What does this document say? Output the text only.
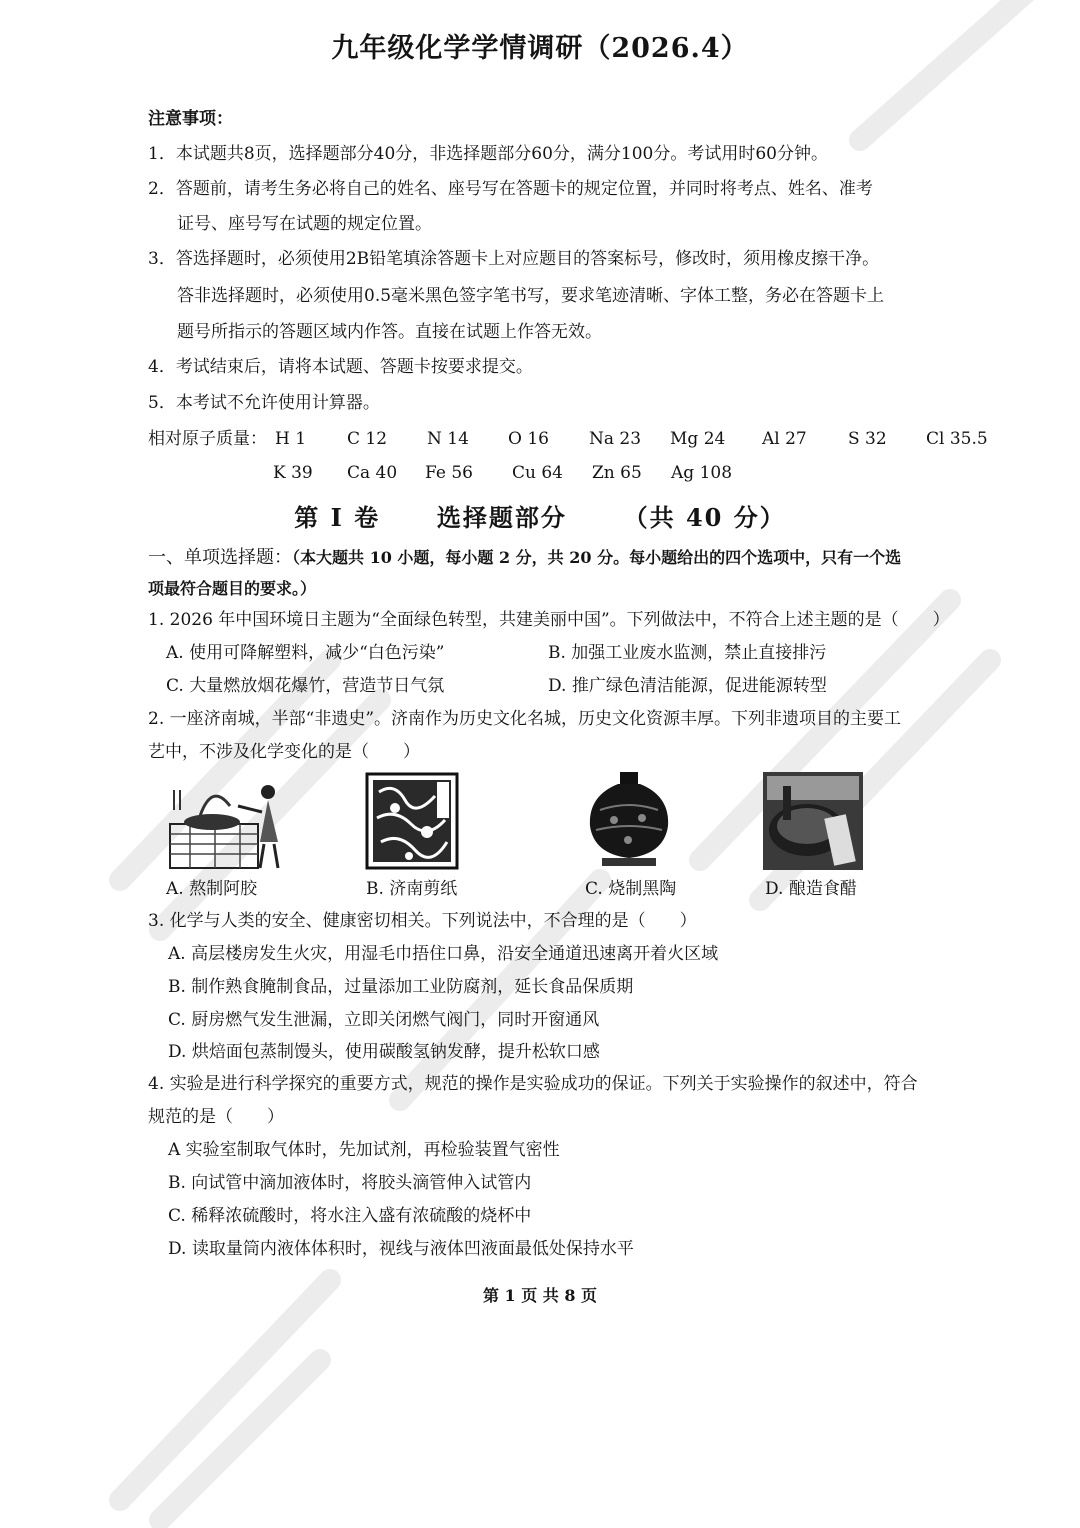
九年级化学学情调研（2026.4）
注意事项：
1．本试题共8页，选择题部分40分，非选择题部分60分，满分100分。考试用时60分钟。
2．答题前，请考生务必将自己的姓名、座号写在答题卡的规定位置，并同时将考点、姓名、准考
证号、座号写在试题的规定位置。
3．答选择题时，必须使用2B铅笔填涂答题卡上对应题目的答案标号，修改时，须用橡皮擦干净。
答非选择题时，必须使用0.5毫米黑色签字笔书写，要求笔迹清晰、字体工整，务必在答题卡上
题号所指示的答题区域内作答。直接在试题上作答无效。
4．考试结束后，请将本试题、答题卡按要求提交。
5．本考试不允许使用计算器。
相对原子质量： H 1 C 12 N 14 O 16 Na 23 Mg 24 Al 27 S 32 Cl 35.5
K 39 Ca 40 Fe 56 Cu 64 Zn 65 Ag 108
第 I 卷 选择题部分 （共 40 分）
一、单项选择题：（本大题共 10 小题，每小题 2 分，共 20 分。每小题给出的四个选项中，只有一个选
项最符合题目的要求。）
1. 2026 年中国环境日主题为“全面绿色转型，共建美丽中国”。下列做法中，不符合上述主题的是（　　）
A. 使用可降解塑料，减少“白色污染”	B. 加强工业废水监测，禁止直接排污
C. 大量燃放烟花爆竹，营造节日气氛	D. 推广绿色清洁能源，促进能源转型
2. 一座济南城，半部“非遗史”。济南作为历史文化名城，历史文化资源丰厚。下列非遗项目的主要工
艺中，不涉及化学变化的是（　　）
A. 熬制阿胶	B. 济南剪纸	C. 烧制黑陶	D. 酿造食醋
3. 化学与人类的安全、健康密切相关。下列说法中，不合理的是（　　）
A. 高层楼房发生火灾，用湿毛巾捂住口鼻，沿安全通道迅速离开着火区域
B. 制作熟食腌制食品，过量添加工业防腐剂，延长食品保质期
C. 厨房燃气发生泄漏，立即关闭燃气阀门，同时开窗通风
D. 烘焙面包蒸制馒头，使用碳酸氢钠发酵，提升松软口感
4. 实验是进行科学探究的重要方式，规范的操作是实验成功的保证。下列关于实验操作的叙述中，符合
规范的是（　　）
A 实验室制取气体时，先加试剂，再检验装置气密性
B. 向试管中滴加液体时，将胶头滴管伸入试管内
C. 稀释浓硫酸时，将水注入盛有浓硫酸的烧杯中
D. 读取量筒内液体体积时，视线与液体凹液面最低处保持水平
第 1 页 共 8 页
